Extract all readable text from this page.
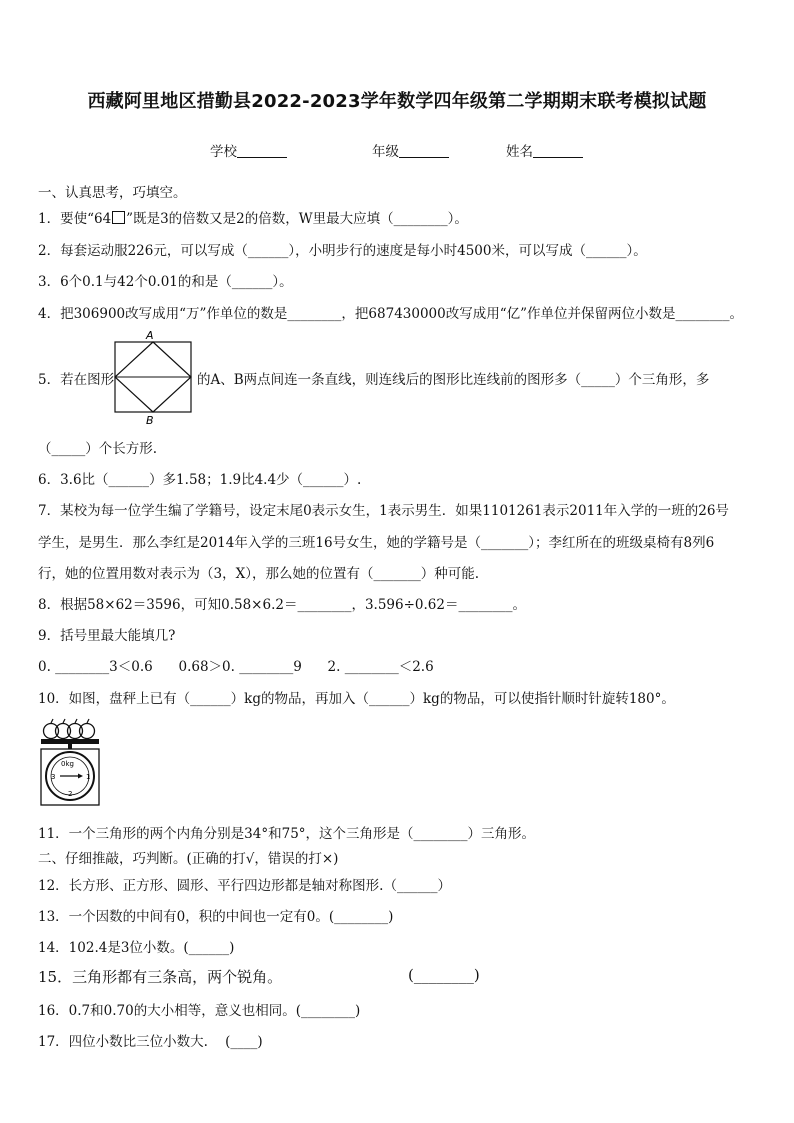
西藏阿里地区措勤县2022-2023学年数学四年级第二学期期末联考模拟试题
学校	年级	姓名
一、认真思考，巧填空。
1．要使“64 ”既是3的倍数又是2的倍数，W里最大应填（________）。
2．每套运动服226元，可以写成（______），小明步行的速度是每小时4500米，可以写成（______）。
3．6个0.1与42个0.01的和是（______）。
4．把306900改写成用“万”作单位的数是________，把687430000改写成用“亿”作单位并保留两位小数是________。
5．若在图形
A
B
的A、B两点间连一条直线，则连线后的图形比连线前的图形多（_____）个三角形，多
（_____）个长方形.
6．3.6比（______）多1.58；1.9比4.4少（______）.
7．某校为每一位学生编了学籍号，设定末尾0表示女生，1表示男生．如果1101261表示2011年入学的一班的26号
学生，是男生．那么李红是2014年入学的三班16号女生，她的学籍号是（_______）；李红所在的班级桌椅有8列6
行，她的位置用数对表示为（3，X），那么她的位置有（_______）种可能.
8．根据58×62＝3596，可知0.58×6.2＝________，3.596÷0.62＝________。
9．括号里最大能填几?
0. ________3＜0.6      0.68＞0. ________9      2. ________＜2.6
10．如图，盘秤上已有（______）kg的物品，再加入（______）kg的物品，可以使指针顺时针旋转180°。
0kg
3	1
2
11．一个三角形的两个内角分别是34°和75°，这个三角形是（________）三角形。
二、仔细推敲，巧判断。(正确的打√，错误的打×)
12．长方形、正方形、圆形、平行四边形都是轴对称图形.（______）
13．一个因数的中间有0，积的中间也一定有0。(________)
14．102.4是3位小数。(______)
15．三角形都有三条高，两个锐角。	(________)
16．0.7和0.70的大小相等，意义也相同。(________)
17．四位小数比三位小数大.    (____)
